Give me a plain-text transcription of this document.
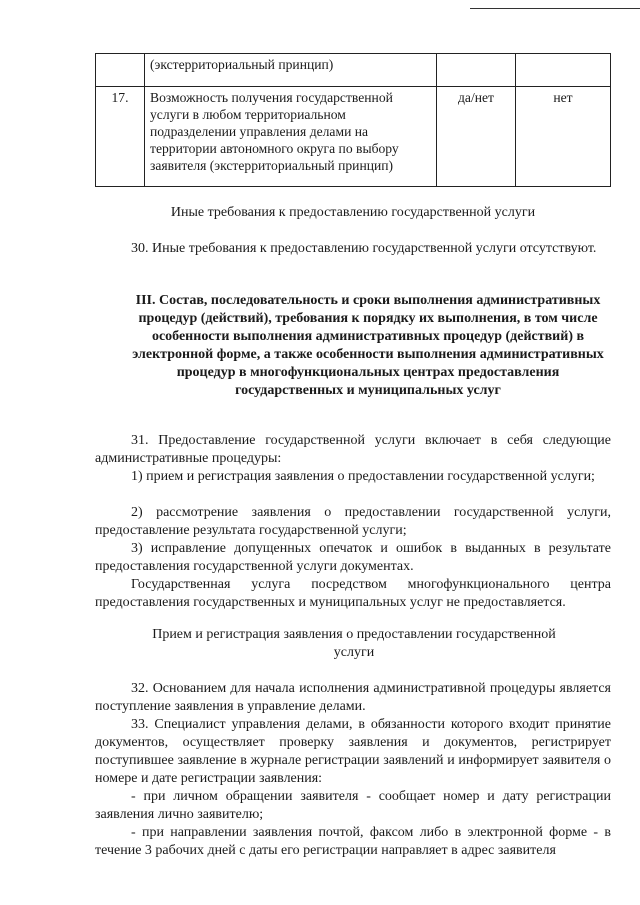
	(экстерриториальный принцип)		
17.	Возможность получения государственной услуги в любом территориальном подразделении управления делами на территории автономного округа по выбору заявителя (экстерриториальный принцип)	да/нет	нет
Иные требования к предоставлению государственной услуги
30. Иные требования к предоставлению государственной услуги отсутствуют.
III. Состав, последовательность и сроки выполнения административных процедур (действий), требования к порядку их выполнения, в том числе особенности выполнения административных процедур (действий) в электронной форме, а также особенности выполнения административных процедур в многофункциональных центрах предоставления государственных и муниципальных услуг
31. Предоставление государственной услуги включает в себя следующие административные процедуры:
1) прием и регистрация заявления о предоставлении государственной услуги;
2) рассмотрение заявления о предоставлении государственной услуги, предоставление результата государственной услуги;
3) исправление допущенных опечаток и ошибок в выданных в результате предоставления государственной услуги документах.
Государственная услуга посредством многофункционального центра предоставления государственных и муниципальных услуг не предоставляется.
Прием и регистрация заявления о предоставлении государственной услуги
32. Основанием для начала исполнения административной процедуры является поступление заявления в управление делами.
33. Специалист управления делами, в обязанности которого входит принятие документов, осуществляет проверку заявления и документов, регистрирует поступившее заявление в журнале регистрации заявлений и информирует заявителя о номере и дате регистрации заявления:
- при личном обращении заявителя - сообщает номер и дату регистрации заявления лично заявителю;
- при направлении заявления почтой, факсом либо в электронной форме - в течение 3 рабочих дней с даты его регистрации направляет в адрес заявителя
